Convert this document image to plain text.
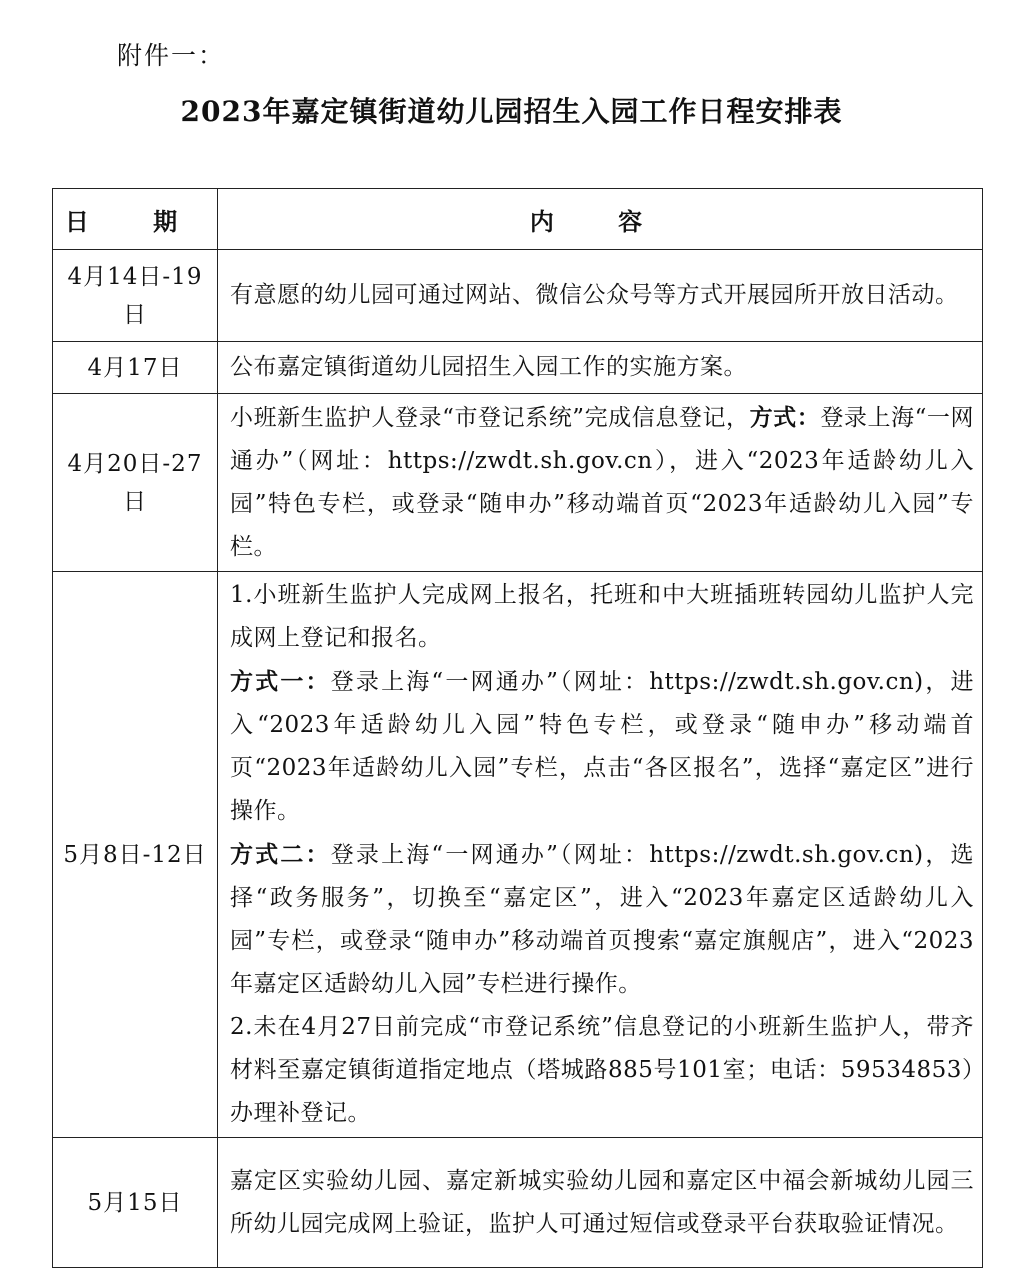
附件一：
2023年嘉定镇街道幼儿园招生入园工作日程安排表
日 期	内 容
4月14日-19日	有意愿的幼儿园可通过网站、微信公众号等方式开展园所开放日活动。
4月17日	公布嘉定镇街道幼儿园招生入园工作的实施方案。
4月20日-27日	小班新生监护人登录“市登记系统”完成信息登记，方式：登录上海“一网通办”（网址：https://zwdt.sh.gov.cn），进入“2023年适龄幼儿入园”特色专栏，或登录“随申办”移动端首页“2023年适龄幼儿入园”专栏。
5月8日-12日	1.小班新生监护人完成网上报名，托班和中大班插班转园幼儿监护人完成网上登记和报名。
方式一：登录上海“一网通办”（网址：https://zwdt.sh.gov.cn)，进入“2023年适龄幼儿入园”特色专栏，或登录“随申办”移动端首页“2023年适龄幼儿入园”专栏，点击“各区报名”，选择“嘉定区”进行操作。
方式二：登录上海“一网通办”（网址：https://zwdt.sh.gov.cn)，选择“政务服务”，切换至“嘉定区”，进入“2023年嘉定区适龄幼儿入园”专栏，或登录“随申办”移动端首页搜索“嘉定旗舰店”，进入“2023年嘉定区适龄幼儿入园”专栏进行操作。
2.未在4月27日前完成“市登记系统”信息登记的小班新生监护人，带齐材料至嘉定镇街道指定地点（塔城路885号101室；电话：59534853）办理补登记。

5月15日	嘉定区实验幼儿园、嘉定新城实验幼儿园和嘉定区中福会新城幼儿园三所幼儿园完成网上验证，监护人可通过短信或登录平台获取验证情况。
